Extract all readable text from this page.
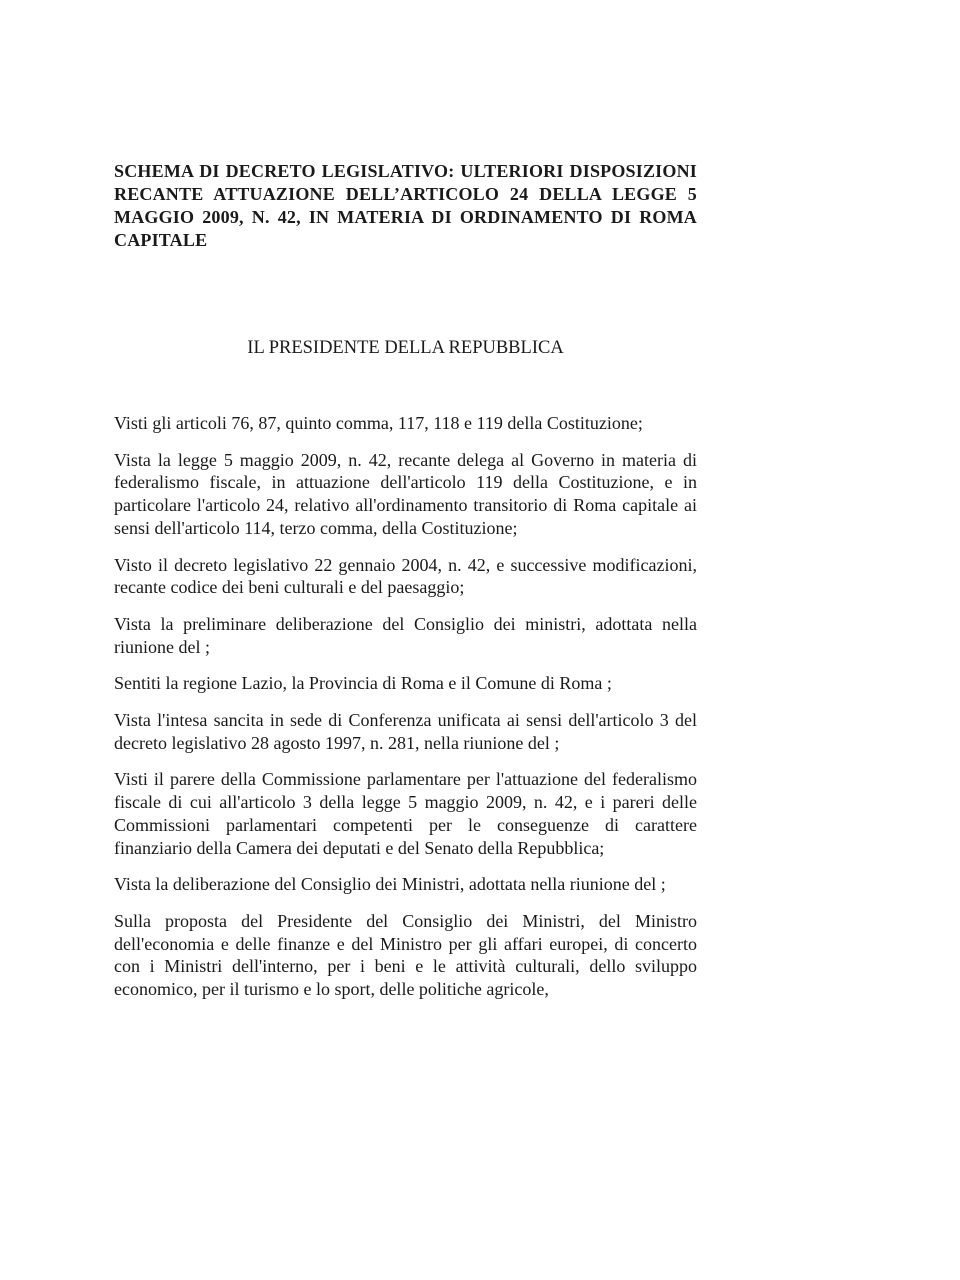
SCHEMA DI DECRETO LEGISLATIVO: ULTERIORI DISPOSIZIONI RECANTE ATTUAZIONE DELL’ARTICOLO 24 DELLA LEGGE 5 MAGGIO 2009, N. 42, IN MATERIA DI ORDINAMENTO DI ROMA CAPITALE
IL PRESIDENTE DELLA REPUBBLICA

Visti gli articoli 76, 87, quinto comma, 117, 118 e 119 della Costituzione;

Vista la legge 5 maggio 2009, n. 42, recante delega al Governo in materia di federalismo fiscale, in attuazione dell'articolo 119 della Costituzione, e in particolare l'articolo 24, relativo all'ordinamento transitorio di Roma capitale ai sensi dell'articolo 114, terzo comma, della Costituzione;

Visto il decreto legislativo 22 gennaio 2004, n. 42, e successive modificazioni, recante codice dei beni culturali e del paesaggio;

Vista la preliminare deliberazione del Consiglio dei ministri, adottata nella riunione del ;

Sentiti la regione Lazio, la Provincia di Roma e il Comune di Roma ;

Vista l'intesa sancita in sede di Conferenza unificata ai sensi dell'articolo 3 del decreto legislativo 28 agosto 1997, n. 281, nella riunione del ;

Visti il parere della Commissione parlamentare per l'attuazione del federalismo fiscale di cui all'articolo 3 della legge 5 maggio 2009, n. 42, e i pareri delle Commissioni parlamentari competenti per le conseguenze di carattere finanziario della Camera dei deputati e del Senato della Repubblica;

Vista la deliberazione del Consiglio dei Ministri, adottata nella riunione del ;

Sulla proposta del Presidente del Consiglio dei Ministri, del Ministro dell'economia e delle finanze e del Ministro per gli affari europei, di concerto con i Ministri dell'interno, per i beni e le attività culturali, dello sviluppo economico, per il turismo e lo sport, delle politiche agricole,
